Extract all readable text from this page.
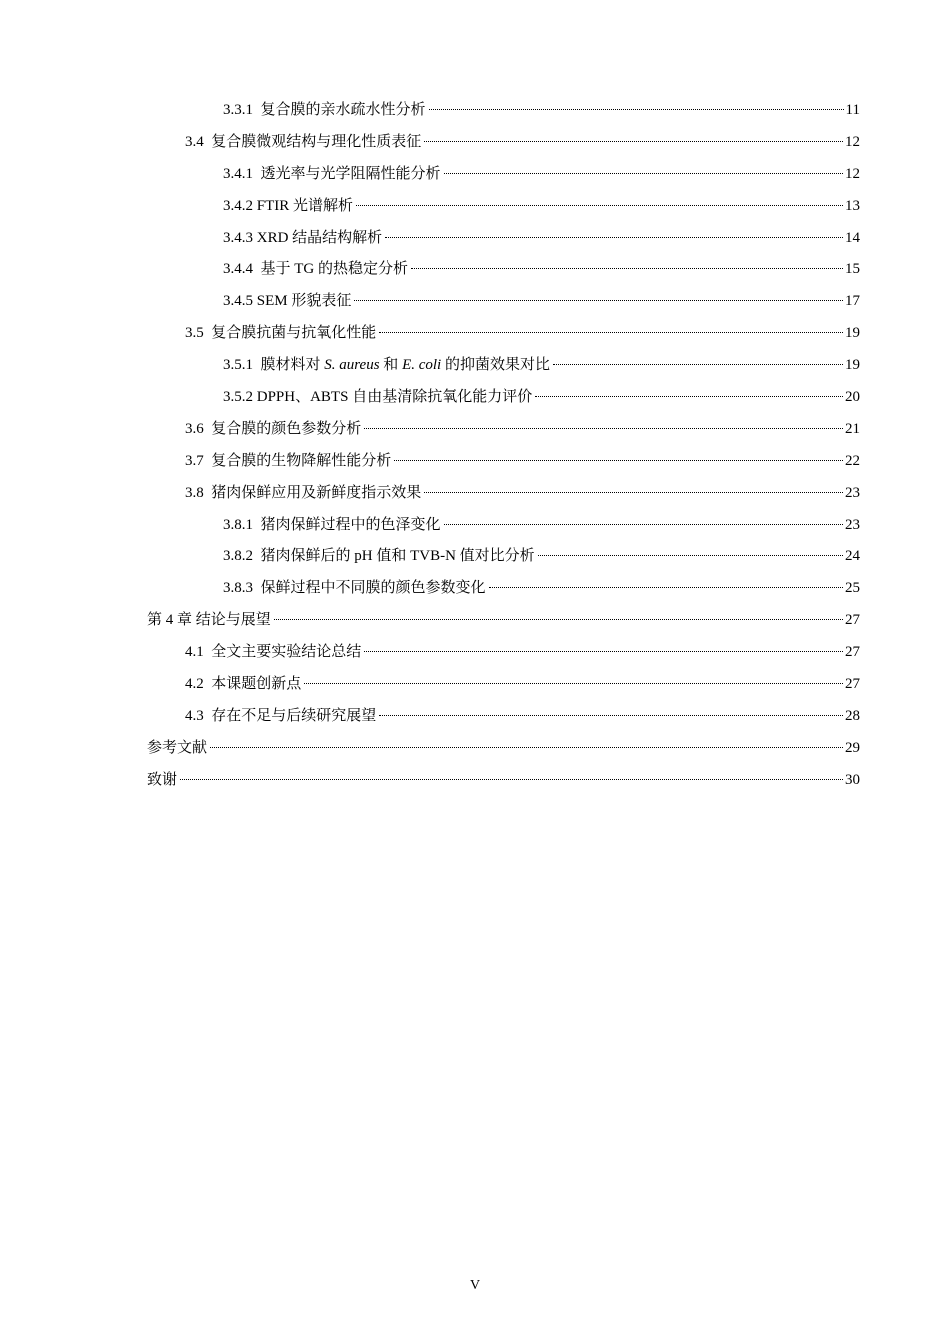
3.3.1 复合膜的亲水疏水性分析	11
3.4 复合膜微观结构与理化性质表征	12
3.4.1 透光率与光学阻隔性能分析	12
3.4.2 FTIR 光谱解析	13
3.4.3 XRD 结晶结构解析	14
3.4.4 基于 TG 的热稳定分析	15
3.4.5 SEM 形貌表征	17
3.5 复合膜抗菌与抗氧化性能	19
3.5.1 膜材料对 S. aureus 和 E. coli 的抑菌效果对比	19
3.5.2 DPPH、ABTS 自由基清除抗氧化能力评价	20
3.6 复合膜的颜色参数分析	21
3.7 复合膜的生物降解性能分析	22
3.8 猪肉保鲜应用及新鲜度指示效果	23
3.8.1 猪肉保鲜过程中的色泽变化	23
3.8.2 猪肉保鲜后的 pH 值和 TVB-N 值对比分析	24
3.8.3 保鲜过程中不同膜的颜色参数变化	25
第 4 章 结论与展望	27
4.1 全文主要实验结论总结	27
4.2 本课题创新点	27
4.3 存在不足与后续研究展望	28
参考文献	29
致谢	30
V
